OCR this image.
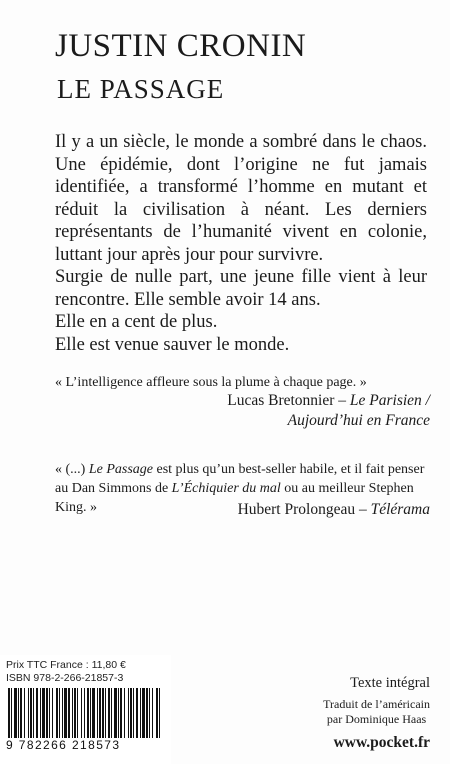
JUSTIN CRONIN
LE PASSAGE

Il y a un siècle, le monde a sombré dans le chaos. Une épidémie, dont l’origine ne fut jamais identifiée, a transformé l’homme en mutant et réduit la civilisation à néant. Les derniers représentants de l’humanité vivent en colonie, luttant jour après jour pour survivre.

Surgie de nulle part, une jeune fille vient à leur rencontre. Elle semble avoir 14 ans.

Elle en a cent de plus.

Elle est venue sauver le monde.

« L’intelligence affleure sous la plume à chaque page. »
Lucas Bretonnier – Le Parisien /
Aujourd’hui en France
« (...) Le Passage est plus qu’un best-seller habile, et il fait penser au Dan Simmons de L’Échiquier du mal ou au meilleur Stephen King. »	Hubert Prolongeau – Télérama
Prix TTC France : 11,80 €
ISBN 978-2-266-21857-3
9 782266 218573
Texte intégral
Traduit de l’américain
par Dominique Haas
www.pocket.fr
